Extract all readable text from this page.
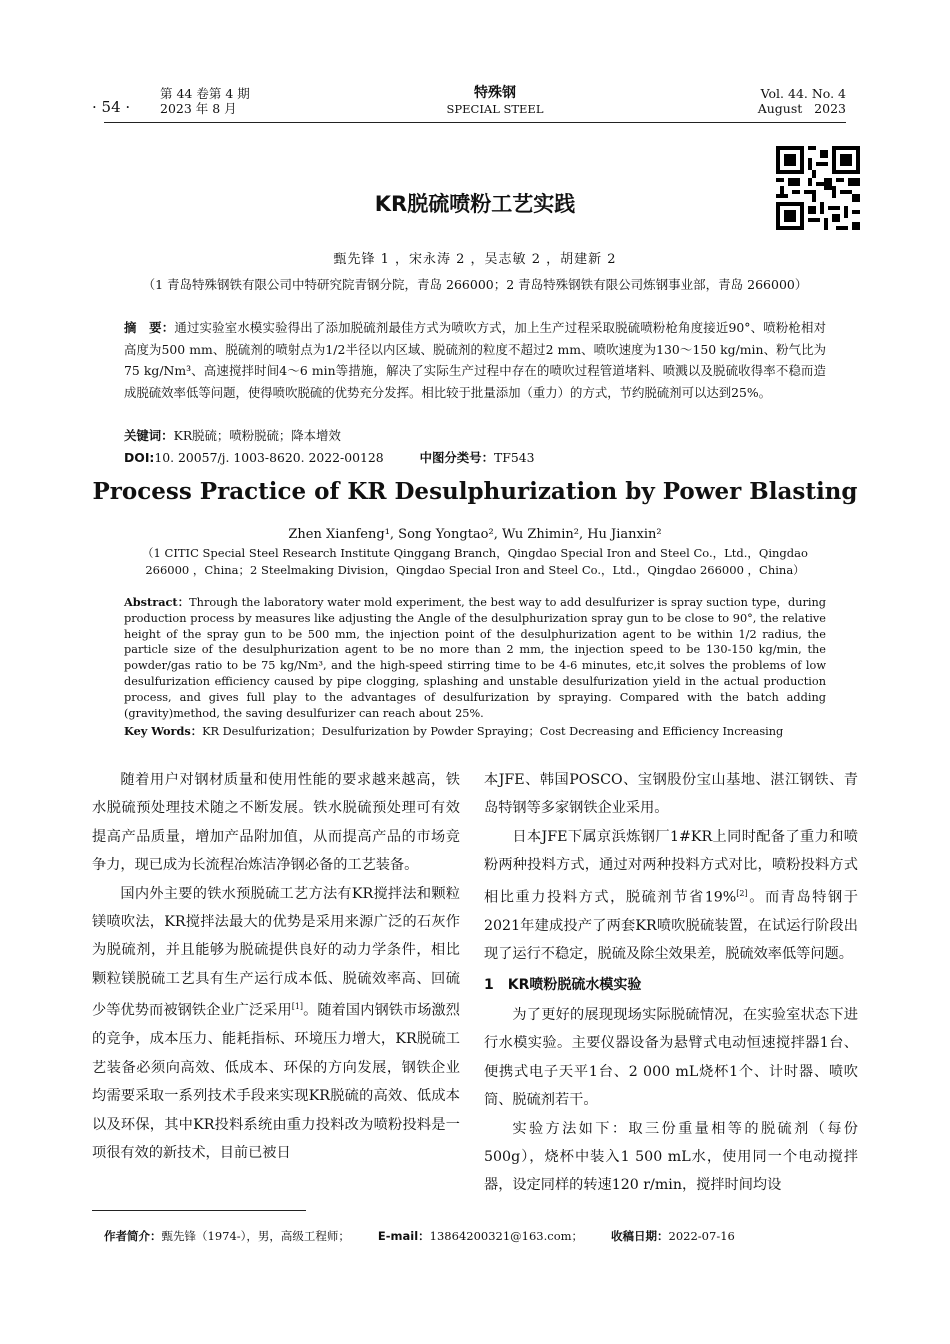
· 54 ·
第 44 卷第 4 期
2023 年 8 月
特殊钢
SPECIAL STEEL
Vol. 44. No. 4
August   2023
KR脱硫喷粉工艺实践
甄先锋 1 ，宋永涛 2 ，吴志敏 2 ，胡建新 2
（1 青岛特殊钢铁有限公司中特研究院青钢分院，青岛 266000；2 青岛特殊钢铁有限公司炼钢事业部，青岛 266000）
摘　要：通过实验室水模实验得出了添加脱硫剂最佳方式为喷吹方式，加上生产过程采取脱硫喷粉枪角度接近90°、喷粉枪相对高度为500 mm、脱硫剂的喷射点为1/2半径以内区域、脱硫剂的粒度不超过2 mm、喷吹速度为130～150 kg/min、粉气比为75 kg/Nm³、高速搅拌时间4～6 min等措施，解决了实际生产过程中存在的喷吹过程管道堵料、喷溅以及脱硫收得率不稳而造成脱硫效率低等问题，使得喷吹脱硫的优势充分发挥。相比较于批量添加（重力）的方式，节约脱硫剂可以达到25%。
关键词：KR脱硫；喷粉脱硫；降本增效
DOI:10. 20057/j. 1003-8620. 2022-00128	中图分类号：TF543
Process Practice of KR Desulphurization by Power Blasting
Zhen Xianfeng¹, Song Yongtao², Wu Zhimin², Hu Jianxin²
（1 CITIC Special Steel Research Institute Qinggang Branch，Qingdao Special Iron and Steel Co.，Ltd.，Qingdao 266000 ，China；2 Steelmaking Division，Qingdao Special Iron and Steel Co.，Ltd.，Qingdao 266000 ，China）
Abstract：Through the laboratory water mold experiment, the best way to add desulfurizer is spray suction type，during production process by measures like adjusting the Angle of the desulphurization spray gun to be close to 90°, the relative height of the spray gun to be 500 mm, the injection point of the desulphurization agent to be within 1/2 radius, the particle size of the desulphurization agent to be no more than 2 mm, the injection speed to be 130-150 kg/min, the powder/gas ratio to be 75 kg/Nm³, and the high-speed stirring time to be 4-6 minutes, etc,it solves the problems of low desulfurization efficiency caused by pipe clogging, splashing and unstable desulfurization yield in the actual production process, and gives full play to the advantages of desulfurization by spraying. Compared with the batch adding (gravity)method, the saving desulfurizer can reach about 25%.
Key Words：KR Desulfurization；Desulfurization by Powder Spraying；Cost Decreasing and Efficiency Increasing

随着用户对钢材质量和使用性能的要求越来越高，铁水脱硫预处理技术随之不断发展。铁水脱硫预处理可有效提高产品质量，增加产品附加值，从而提高产品的市场竞争力，现已成为长流程冶炼洁净钢必备的工艺装备。

国内外主要的铁水预脱硫工艺方法有KR搅拌法和颗粒镁喷吹法，KR搅拌法最大的优势是采用来源广泛的石灰作为脱硫剂，并且能够为脱硫提供良好的动力学条件，相比颗粒镁脱硫工艺具有生产运行成本低、脱硫效率高、回硫少等优势而被钢铁企业广泛采用[1]。随着国内钢铁市场激烈的竞争，成本压力、能耗指标、环境压力增大，KR脱硫工艺装备必须向高效、低成本、环保的方向发展，钢铁企业均需要采取一系列技术手段来实现KR脱硫的高效、低成本以及环保，其中KR投料系统由重力投料改为喷粉投料是一项很有效的新技术，目前已被日

本JFE、韩国POSCO、宝钢股份宝山基地、湛江钢铁、青岛特钢等多家钢铁企业采用。

日本JFE下属京浜炼钢厂1#KR上同时配备了重力和喷粉两种投料方式，通过对两种投料方式对比，喷粉投料方式相比重力投料方式，脱硫剂节省19%[2]。而青岛特钢于2021年建成投产了两套KR喷吹脱硫装置，在试运行阶段出现了运行不稳定，脱硫及除尘效果差，脱硫效率低等问题。

1　KR喷粉脱硫水模实验

为了更好的展现现场实际脱硫情况，在实验室状态下进行水模实验。主要仪器设备为悬臂式电动恒速搅拌器1台、便携式电子天平1台、2 000 mL烧杯1个、计时器、喷吹筒、脱硫剂若干。

实验方法如下：取三份重量相等的脱硫剂（每份500g），烧杯中装入1 500 mL水，使用同一个电动搅拌器，设定同样的转速120 r/min，搅拌时间均设

作者简介：甄先锋（1974-），男，高级工程师； E-mail：13864200321@163.com； 收稿日期：2022-07-16
